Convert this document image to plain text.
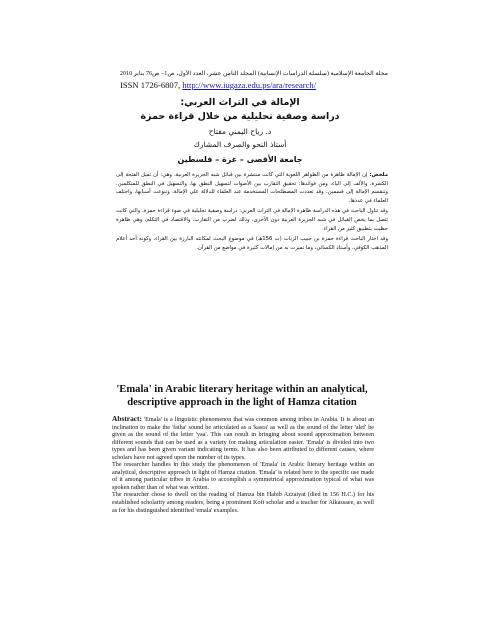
مجلة الجامعة الإسلامية (سلسلة الدراسات الإنسانية) المجلد الثامن عشر، العدد الأول، ص1– ص76 يناير 2010
ISSN 1726-6807, http://www.iugaza.edu.ps/ara/research/
الإمالة في التراث العربي:
دراسة وصفية تحليلية من خلال قراءة حمزة
د. رياح اليمني مفتاح
أستاذ النحو والصرف المشارك
جامعة الأقصى – غزة – فلسطين

ملخص: إن الإمالة ظاهرة من الظواهر اللغوية التي كانت منتشرة بين قبائل شبه الجزيرة العربية، وهي: أن تميل الفتحة إلى الكسرة، والألف إلى الياء، ومن فوائدها: تحقيق التقارب بين الأصوات لتسهيل النطق بها، والتسهيل في النطق للمتكلمين. وتنقسم الإمالة إلى قسمين، وقد تعددت المصطلحات المستخدمة عند العلماء للدلالة على الإمالة، وتنوعت أسبابها، واختلف العلماء في عددها.

وقد تناول الباحث في هذه الدراسة ظاهرة الإمالة في التراث العربي: دراسة وصفية تحليلية في ضوء قراءة حمزة، والتي كانت تتصل بما يخص القبائل في شبه الجزيرة العربية دون الأخرى، وذلك لضرب من التقارب، والاقتصاد في التكلم، وهي ظاهرة حظيت بتطبيق كثير من القراء.

وقد اختار الباحث قراءة حمزة بن حبيب الزيات (ت 156هـ) في موضوع البحث لمكانته البارزة بين القراء، وكونه أحد أعلام المذهب الكوفي، وأستاذ الكسائي، وما تميزت به من إمالات كثيرة في مواضع من القرآن.

'Emala' in Arabic literary heritage within an analytical, descriptive approach in the light of Hamza citation

Abstract: 'Emala' is a linguistic phenomenon that was common among tribes in Arabia. It is about an inclination to make the 'fatha' sound be articulated as a 'kasra' as well as the sound of the letter 'alef' be given as the sound of the letter 'yaa'. This can result in bringing about sound approximation between different sounds that can be used as a variety for making articulation easier. 'Emala' is divided into two types and has been given variant indicating terms. It has also been attributed to different causes, where scholars have not agreed upon the number of its types.

The researcher handles in this study the phenomenon of 'Emala' in Arabic literary heritage within an analytical, descriptive approach in light of Hamza citation. 'Emala' is related here to the specific use made of it among particular tribes in Arabia to accomplish a symmetrical approximation typical of what was spoken rather than of what was written.

The researcher chose to dwell on the reading of Hamza bin Habib Azzaiyat (died in 156 H.C.) for his established scholarity among readers, being a prominent Kofi scholar and a teacher for Alkassaee, as well as for his distinguished identified 'emala' examples.
